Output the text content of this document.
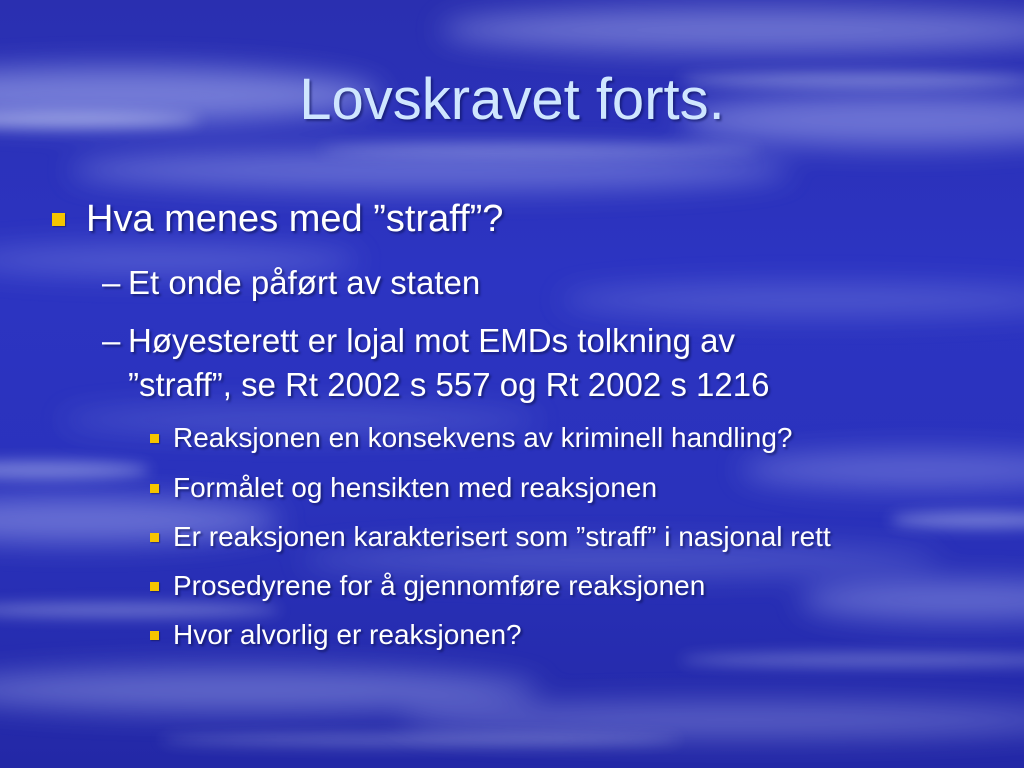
Lovskravet forts.
Hva menes med ”straff”?
– Et onde påført av staten
– Høyesterett er lojal mot EMDs tolkning av
”straff”, se Rt 2002 s 557 og Rt 2002 s 1216
Reaksjonen en konsekvens av kriminell handling?
Formålet og hensikten med reaksjonen
Er reaksjonen karakterisert som ”straff” i nasjonal rett
Prosedyrene for å gjennomføre reaksjonen
Hvor alvorlig er reaksjonen?
